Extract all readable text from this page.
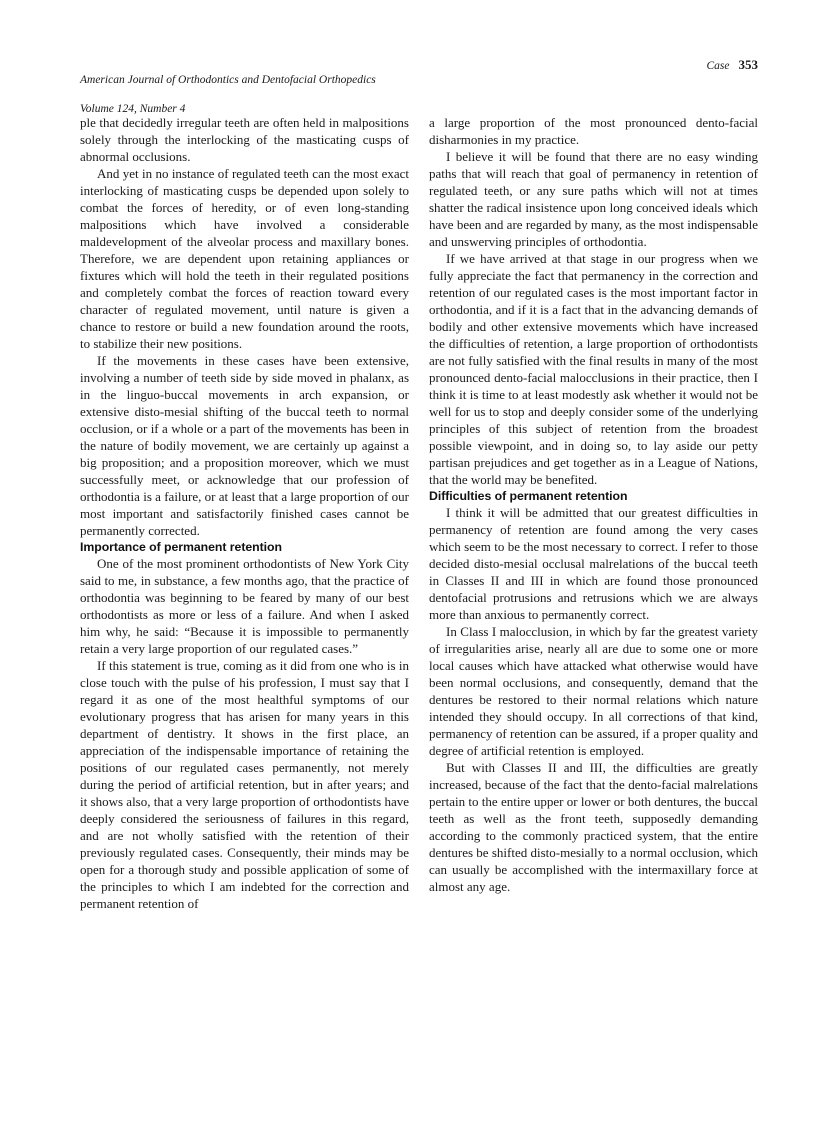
American Journal of Orthodontics and Dentofacial Orthopedics

Volume 124, Number 4

Case 353

ple that decidedly irregular teeth are often held in malpositions solely through the interlocking of the masticating cusps of abnormal occlusions.

And yet in no instance of regulated teeth can the most exact interlocking of masticating cusps be depended upon solely to combat the forces of heredity, or of even long-standing malpositions which have involved a considerable maldevelopment of the alveolar process and maxillary bones. Therefore, we are dependent upon retaining appliances or fixtures which will hold the teeth in their regulated positions and completely combat the forces of reaction toward every character of regulated movement, until nature is given a chance to restore or build a new foundation around the roots, to stabilize their new positions.

If the movements in these cases have been extensive, involving a number of teeth side by side moved in phalanx, as in the linguo-buccal movements in arch expansion, or extensive disto-mesial shifting of the buccal teeth to normal occlusion, or if a whole or a part of the movements has been in the nature of bodily movement, we are certainly up against a big proposition; and a proposition moreover, which we must successfully meet, or acknowledge that our profession of orthodontia is a failure, or at least that a large proportion of our most important and satisfactorily finished cases cannot be permanently corrected.

Importance of permanent retention

One of the most prominent orthodontists of New York City said to me, in substance, a few months ago, that the practice of orthodontia was beginning to be feared by many of our best orthodontists as more or less of a failure. And when I asked him why, he said: “Because it is impossible to permanently retain a very large proportion of our regulated cases.”

If this statement is true, coming as it did from one who is in close touch with the pulse of his profession, I must say that I regard it as one of the most healthful symptoms of our evolutionary progress that has arisen for many years in this department of dentistry. It shows in the first place, an appreciation of the indispensable importance of retaining the positions of our regulated cases permanently, not merely during the period of artificial retention, but in after years; and it shows also, that a very large proportion of orthodontists have deeply considered the seriousness of failures in this regard, and are not wholly satisfied with the retention of their previously regulated cases. Consequently, their minds may be open for a thorough study and possible application of some of the principles to which I am indebted for the correction and permanent retention of

a large proportion of the most pronounced dento-facial disharmonies in my practice.

I believe it will be found that there are no easy winding paths that will reach that goal of permanency in retention of regulated teeth, or any sure paths which will not at times shatter the radical insistence upon long conceived ideals which have been and are regarded by many, as the most indispensable and unswerving principles of orthodontia.

If we have arrived at that stage in our progress when we fully appreciate the fact that permanency in the correction and retention of our regulated cases is the most important factor in orthodontia, and if it is a fact that in the advancing demands of bodily and other extensive movements which have increased the difficulties of retention, a large proportion of orthodontists are not fully satisfied with the final results in many of the most pronounced dento-facial malocclusions in their practice, then I think it is time to at least modestly ask whether it would not be well for us to stop and deeply consider some of the underlying principles of this subject of retention from the broadest possible viewpoint, and in doing so, to lay aside our petty partisan prejudices and get together as in a League of Nations, that the world may be benefited.

Difficulties of permanent retention

I think it will be admitted that our greatest difficulties in permanency of retention are found among the very cases which seem to be the most necessary to correct. I refer to those decided disto-mesial occlusal malrelations of the buccal teeth in Classes II and III in which are found those pronounced dentofacial protrusions and retrusions which we are always more than anxious to permanently correct.

In Class I malocclusion, in which by far the greatest variety of irregularities arise, nearly all are due to some one or more local causes which have attacked what otherwise would have been normal occlusions, and consequently, demand that the dentures be restored to their normal relations which nature intended they should occupy. In all corrections of that kind, permanency of retention can be assured, if a proper quality and degree of artificial retention is employed.

But with Classes II and III, the difficulties are greatly increased, because of the fact that the dento-facial malrelations pertain to the entire upper or lower or both dentures, the buccal teeth as well as the front teeth, supposedly demanding according to the commonly practiced system, that the entire dentures be shifted disto-mesially to a normal occlusion, which can usually be accomplished with the intermaxillary force at almost any age.
